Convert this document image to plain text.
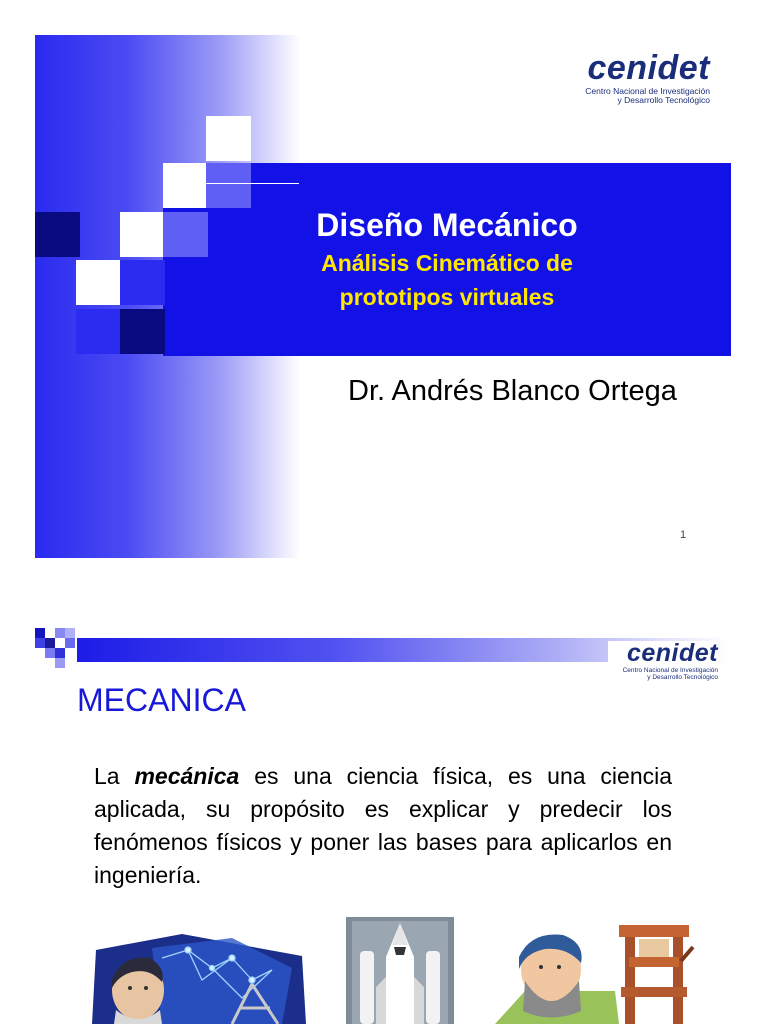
cenidet
Centro Nacional de Investigación
y Desarrollo Tecnológico
Diseño Mecánico
Análisis Cinemático de
prototipos virtuales
Dr. Andrés Blanco Ortega
1
cenidet
Centro Nacional de Investigación
y Desarrollo Tecnológico
MECANICA
La mecánica es una ciencia física, es una ciencia aplicada, su propósito es explicar y predecir los fenómenos físicos y poner las bases para aplicarlos en ingeniería.
